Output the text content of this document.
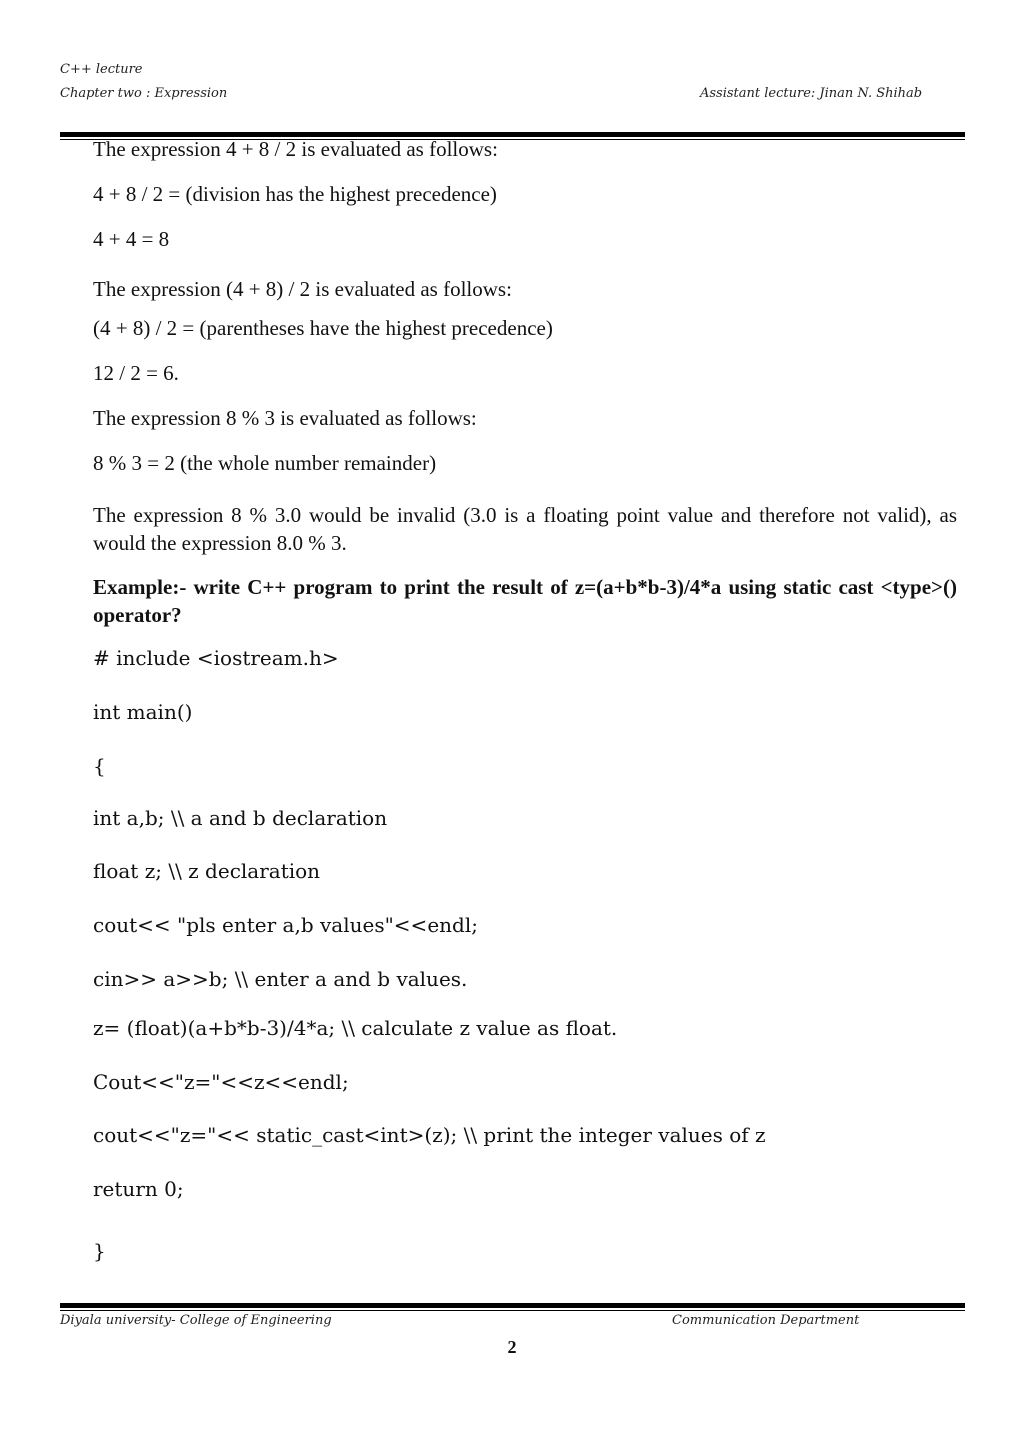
C++ lecture
Chapter two : Expression	Assistant lecture: Jinan N. Shihab
The expression 4 + 8 / 2 is evaluated as follows:
4 + 8 / 2 = (division has the highest precedence)
4 + 4 = 8
The expression (4 + 8) / 2 is evaluated as follows:
(4 + 8) / 2 = (parentheses have the highest precedence)
12 / 2 = 6.
The expression 8 % 3 is evaluated as follows:
8 % 3 = 2 (the whole number remainder)
The expression 8 % 3.0 would be invalid (3.0 is a floating point value and therefore not valid), as would the expression 8.0 % 3.
Example:- write C++ program to print the result of z=(a+b*b-3)/4*a using static cast <type>() operator?
# include <iostream.h>
int main()
{
int a,b; \\ a and b declaration
float z; \\ z declaration
cout<< "pls enter a,b values"<<endl;
cin>> a>>b; \\ enter a and b values.
z= (float)(a+b*b-3)/4*a; \\ calculate z value as float.
Cout<<"z="<<z<<endl;
cout<<"z="<< static_cast<int>(z); \\ print the integer values of z
return 0;
}
Diyala university- College of Engineering	Communication Department
2
